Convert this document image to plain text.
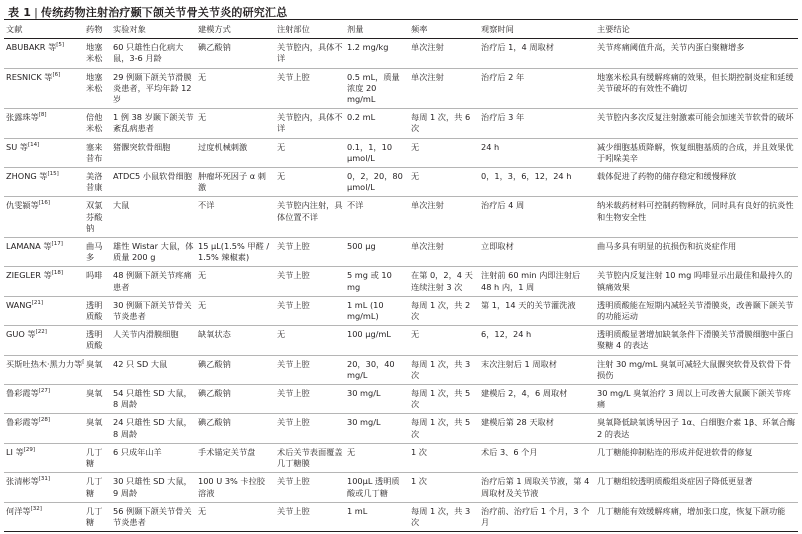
表 1 | 传统药物注射治疗颞下颌关节骨关节炎的研究汇总
文献	药物	实验对象	建模方式	注射部位	剂量	频率	观察时间	主要结论
ABUBAKR 等[5]	地塞米松	60 只雄性白化病大鼠，3-6 月龄	碘乙酸钠	关节腔内，具体不详	1.2 mg/kg	单次注射	治疗后 1，4 周取材	关节疼痛阈值升高，关节内蛋白聚糖增多
RESNICK 等[6]	地塞米松	29 例颞下颌关节滑膜炎患者，平均年龄 12 岁	无	关节上腔	0.5 mL，质量浓度 20 mg/mL	单次注射	治疗后 2 年	地塞米松具有缓解疼痛的效果，但长期控制炎症和延缓关节破坏的有效性不确切
张露珠等[8]	倍他米松	1 例 38 岁颞下颌关节紊乱病患者	无	关节腔内，具体不详	0.2 mL	每周 1 次，共 6 次	治疗后 3 年	关节腔内多次反复注射激素可能会加速关节软骨的破坏
SU 等[14]	塞来昔布	猪髁突软骨细胞	过度机械刺激	无	0.1，1，10 μmol/L	无	24 h	减少细胞基质降解，恢复细胞基质的合成，并且效果优于吲哚美辛
ZHONG 等[15]	美洛昔康	ATDC5 小鼠软骨细胞	肿瘤坏死因子 α 刺激	无	0，2，20，80 μmol/L	无	0，1，3，6，12，24 h	载体促进了药物的储存稳定和缓慢释放
仇雯颍等[16]	双氯芬酸钠	大鼠	不详	关节腔内注射，具体位置不详	不详	单次注射	治疗后 4 周	纳米载药材料可控制药物释放，同时具有良好的抗炎性和生物安全性
LAMANA 等[17]	曲马多	雄性 Wistar 大鼠，体质量 200 g	15 μL(1.5% 甲醛 / 1.5% 辣椒素)	关节上腔	500 μg	单次注射	立即取材	曲马多具有明显的抗损伤和抗炎症作用
ZIEGLER 等[18]	吗啡	48 例颞下颌关节疼痛患者	无	关节上腔	5 mg 或 10 mg	在第 0，2，4 天连续注射 3 次	注射前 60 min 内即注射后 48 h 内，1 周	关节腔内反复注射 10 mg 吗啡显示出最佳和最持久的镇痛效果
WANG[21]	透明质酸	30 例颞下颌关节骨关节炎患者	无	关节上腔	1 mL (10 mg/mL)	每周 1 次，共 2 次	第 1，14 天的关节灌洗液	透明质酸能在短期内减轻关节滑膜炎，改善颞下颌关节的功能运动
GUO 等[22]	透明质酸	人关节内滑膜细胞	缺氧状态	无	100 μg/mL	无	6，12，24 h	透明质酸显著增加缺氧条件下滑膜关节滑膜细胞中蛋白聚糖 4 的表达
买斯吐热木·黑力力等	臭氧	42 只 SD 大鼠	碘乙酸钠	关节上腔	20，30，40 mg/L	每周 1 次，共 3 次	末次注射后 1 周取材	注射 30 mg/mL 臭氧可减轻大鼠髁突软骨及软骨下骨损伤
鲁彩霞等[27]	臭氧	54 只雄性 SD 大鼠，8 周龄	碘乙酸钠	关节上腔	30 mg/L	每周 1 次，共 5 次	建模后 2，4，6 周取材	30 mg/L 臭氧治疗 3 周以上可改善大鼠颞下颌关节疼痛
鲁彩霞等[28]	臭氧	24 只雄性 SD 大鼠，8 周龄	碘乙酸钠	关节上腔	30 mg/L	每周 1 次，共 5 次	建模后第 28 天取材	臭氧降低缺氧诱导因子 1α、白细胞介素 1β、环氧合酶 2 的表达
LI 等[29]	几丁糖	6 只成年山羊	手术锚定关节盘	术后关节表面覆盖几丁糖膜	无	1 次	术后 3、6 个月	几丁糖能抑制粘连的形成并促进软骨的修复
张清彬等[31]	几丁糖	30 只雄性 SD 大鼠，9 周龄	100 U 3% 卡拉胶溶液	关节上腔	100μL 透明质酸或几丁糖	1 次	治疗后第 1 周取关节液，第 4 周取材及关节液	几丁糖组较透明质酸组炎症因子降低更显著
何洋等[32]	几丁糖	56 例颞下颌关节骨关节炎患者	无	关节上腔	1 mL	每周 1 次，共 3 次	治疗前、治疗后 1 个月，3 个月	几丁糖能有效缓解疼痛，增加张口度，恢复下颌功能
